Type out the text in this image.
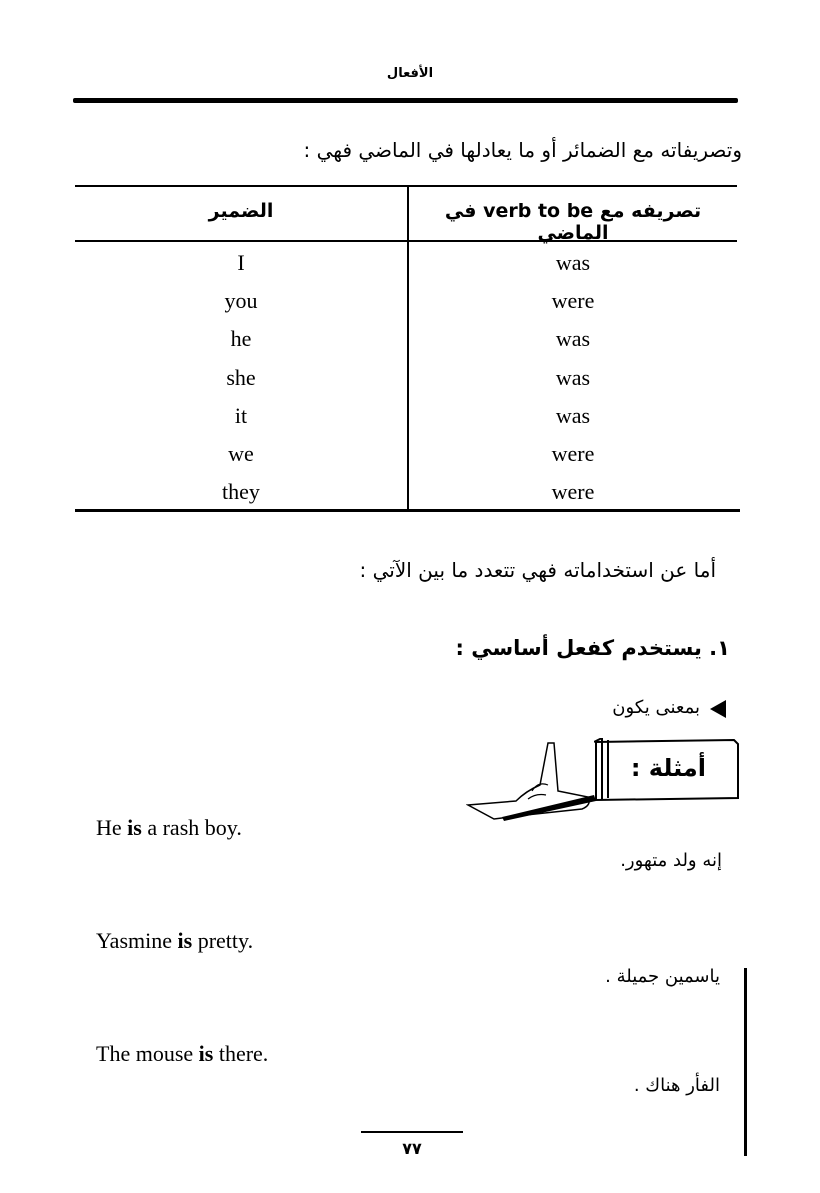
الأفعال
وتصريفاته مع الضمائر أو ما يعادلها في الماضي فهي :
الضمير	تصريفه مع verb to be في الماضي
I	was
you	were
he	was
she	was
it	was
we	were
they	were
أما عن استخداماته فهي تتعدد ما بين الآتي :
١. يستخدم كفعل أساسي :
بمعنى يكون
أمثلة :
He is a rash boy.
إنه ولد متهور.
Yasmine is pretty.
ياسمين جميلة .
The mouse is there.
الفأر هناك .
٧٧
